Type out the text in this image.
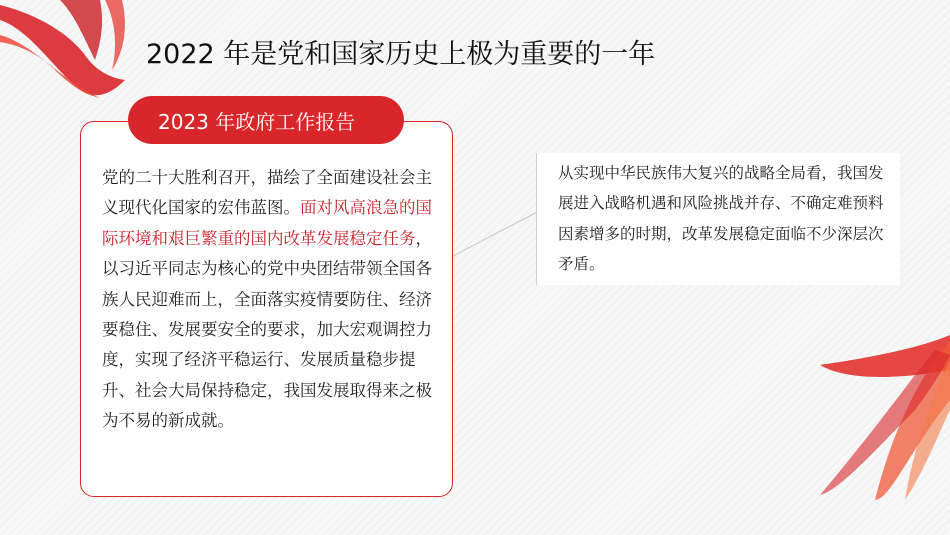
2022 年是党和国家历史上极为重要的一年
2023 年政府工作报告

党的二十大胜利召开，描绘了全面建设社会主义现代化国家的宏伟蓝图。面对风高浪急的国际环境和艰巨繁重的国内改革发展稳定任务，以习近平同志为核心的党中央团结带领全国各族人民迎难而上，全面落实疫情要防住、经济要稳住、发展要安全的要求，加大宏观调控力度，实现了经济平稳运行、发展质量稳步提升、社会大局保持稳定，我国发展取得来之极为不易的新成就。

从实现中华民族伟大复兴的战略全局看，我国发展进入战略机遇和风险挑战并存、不确定难预料因素增多的时期，改革发展稳定面临不少深层次矛盾。
